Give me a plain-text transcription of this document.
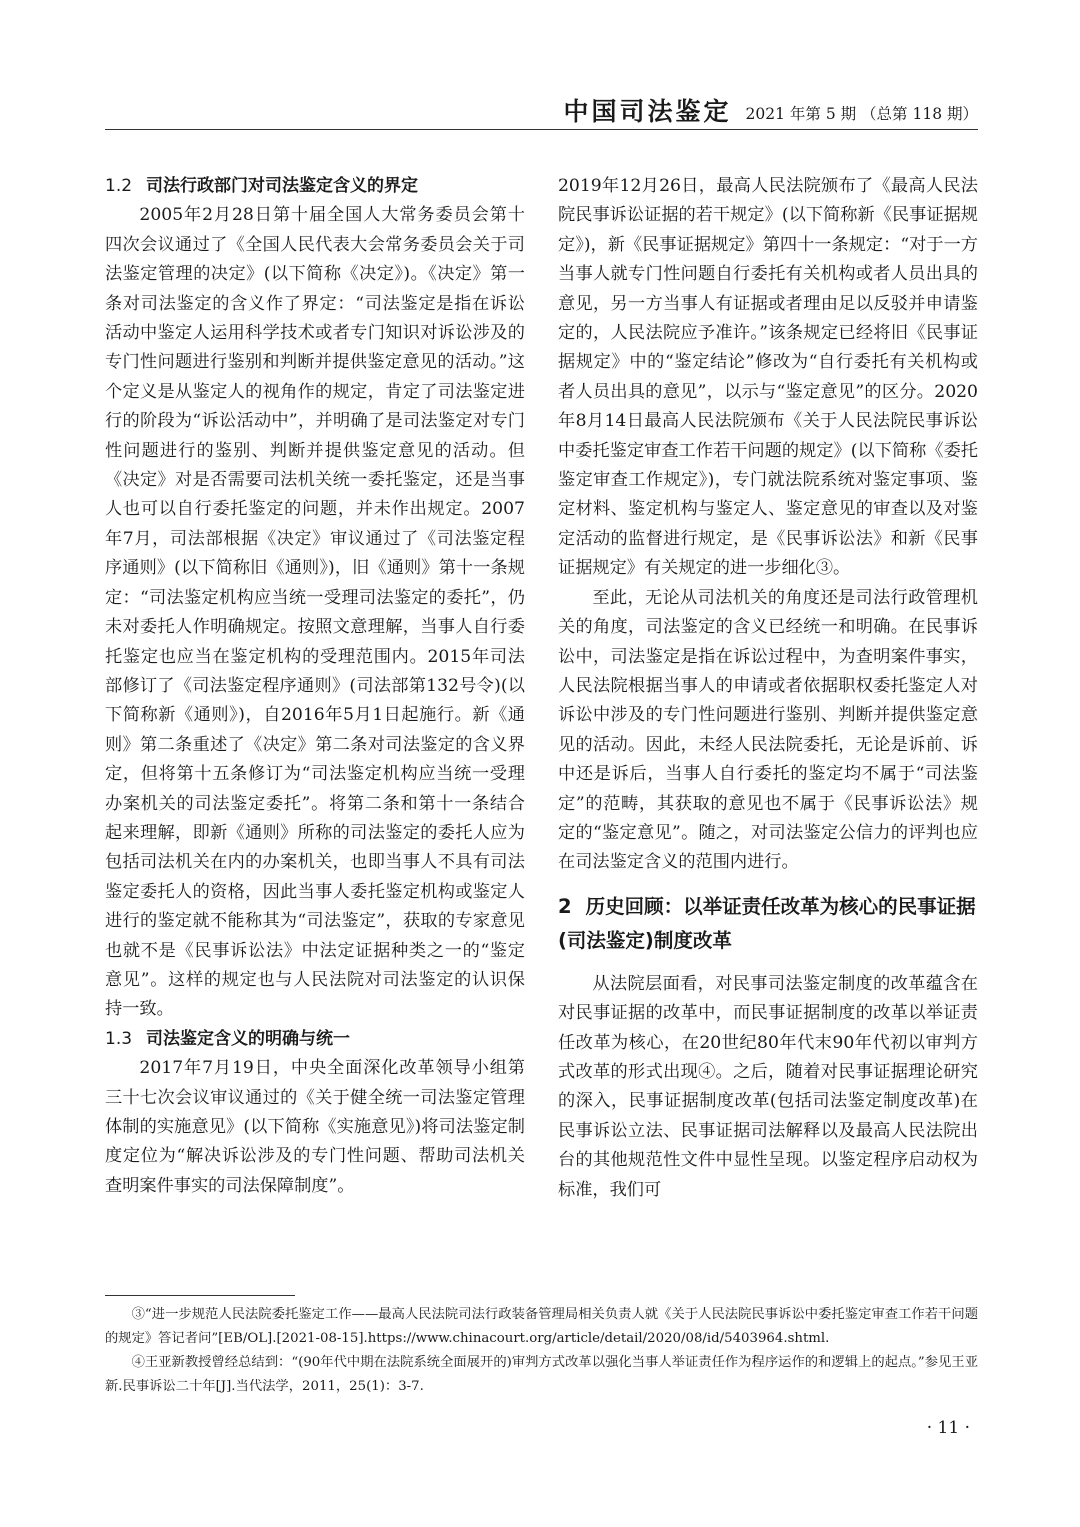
中国司法鉴定 2021 年第 5 期 （总第 118 期）
1.2 司法行政部门对司法鉴定含义的界定

2005年2月28日第十届全国人大常务委员会第十四次会议通过了《全国人民代表大会常务委员会关于司法鉴定管理的决定》(以下简称《决定》)。《决定》第一条对司法鉴定的含义作了界定：“司法鉴定是指在诉讼活动中鉴定人运用科学技术或者专门知识对诉讼涉及的专门性问题进行鉴别和判断并提供鉴定意见的活动。”这个定义是从鉴定人的视角作的规定，肯定了司法鉴定进行的阶段为“诉讼活动中”，并明确了是司法鉴定对专门性问题进行的鉴别、判断并提供鉴定意见的活动。但《决定》对是否需要司法机关统一委托鉴定，还是当事人也可以自行委托鉴定的问题，并未作出规定。2007年7月，司法部根据《决定》审议通过了《司法鉴定程序通则》(以下简称旧《通则》)，旧《通则》第十一条规定：“司法鉴定机构应当统一受理司法鉴定的委托”，仍未对委托人作明确规定。按照文意理解，当事人自行委托鉴定也应当在鉴定机构的受理范围内。2015年司法部修订了《司法鉴定程序通则》(司法部第132号令)(以下简称新《通则》)，自2016年5月1日起施行。新《通则》第二条重述了《决定》第二条对司法鉴定的含义界定，但将第十五条修订为“司法鉴定机构应当统一受理办案机关的司法鉴定委托”。将第二条和第十一条结合起来理解，即新《通则》所称的司法鉴定的委托人应为包括司法机关在内的办案机关，也即当事人不具有司法鉴定委托人的资格，因此当事人委托鉴定机构或鉴定人进行的鉴定就不能称其为“司法鉴定”，获取的专家意见也就不是《民事诉讼法》中法定证据种类之一的“鉴定意见”。这样的规定也与人民法院对司法鉴定的认识保持一致。

1.3 司法鉴定含义的明确与统一

2017年7月19日，中央全面深化改革领导小组第三十七次会议审议通过的《关于健全统一司法鉴定管理体制的实施意见》(以下简称《实施意见》)将司法鉴定制度定位为“解决诉讼涉及的专门性问题、帮助司法机关查明案件事实的司法保障制度”。

2019年12月26日，最高人民法院颁布了《最高人民法院民事诉讼证据的若干规定》(以下简称新《民事证据规定》)，新《民事证据规定》第四十一条规定：“对于一方当事人就专门性问题自行委托有关机构或者人员出具的意见，另一方当事人有证据或者理由足以反驳并申请鉴定的，人民法院应予准许。”该条规定已经将旧《民事证据规定》中的“鉴定结论”修改为“自行委托有关机构或者人员出具的意见”，以示与“鉴定意见”的区分。2020年8月14日最高人民法院颁布《关于人民法院民事诉讼中委托鉴定审查工作若干问题的规定》(以下简称《委托鉴定审查工作规定》)，专门就法院系统对鉴定事项、鉴定材料、鉴定机构与鉴定人、鉴定意见的审查以及对鉴定活动的监督进行规定，是《民事诉讼法》和新《民事证据规定》有关规定的进一步细化③。

至此，无论从司法机关的角度还是司法行政管理机关的角度，司法鉴定的含义已经统一和明确。在民事诉讼中，司法鉴定是指在诉讼过程中，为查明案件事实，人民法院根据当事人的申请或者依据职权委托鉴定人对诉讼中涉及的专门性问题进行鉴别、判断并提供鉴定意见的活动。因此，未经人民法院委托，无论是诉前、诉中还是诉后，当事人自行委托的鉴定均不属于“司法鉴定”的范畴，其获取的意见也不属于《民事诉讼法》规定的“鉴定意见”。随之，对司法鉴定公信力的评判也应在司法鉴定含义的范围内进行。

2 历史回顾：以举证责任改革为核心的民事证据(司法鉴定)制度改革

从法院层面看，对民事司法鉴定制度的改革蕴含在对民事证据的改革中，而民事证据制度的改革以举证责任改革为核心，在20世纪80年代末90年代初以审判方式改革的形式出现④。之后，随着对民事证据理论研究的深入，民事证据制度改革(包括司法鉴定制度改革)在民事诉讼立法、民事证据司法解释以及最高人民法院出台的其他规范性文件中显性呈现。以鉴定程序启动权为标准，我们可

③“进一步规范人民法院委托鉴定工作——最高人民法院司法行政装备管理局相关负责人就《关于人民法院民事诉讼中委托鉴定审查工作若干问题的规定》答记者问”[EB/OL].[2021-08-15].https://www.chinacourt.org/article/detail/2020/08/id/5403964.shtml.

④王亚新教授曾经总结到：“(90年代中期在法院系统全面展开的)审判方式改革以强化当事人举证责任作为程序运作的和逻辑上的起点。”参见王亚新.民事诉讼二十年[J].当代法学，2011，25(1)：3-7.

· 11 ·
